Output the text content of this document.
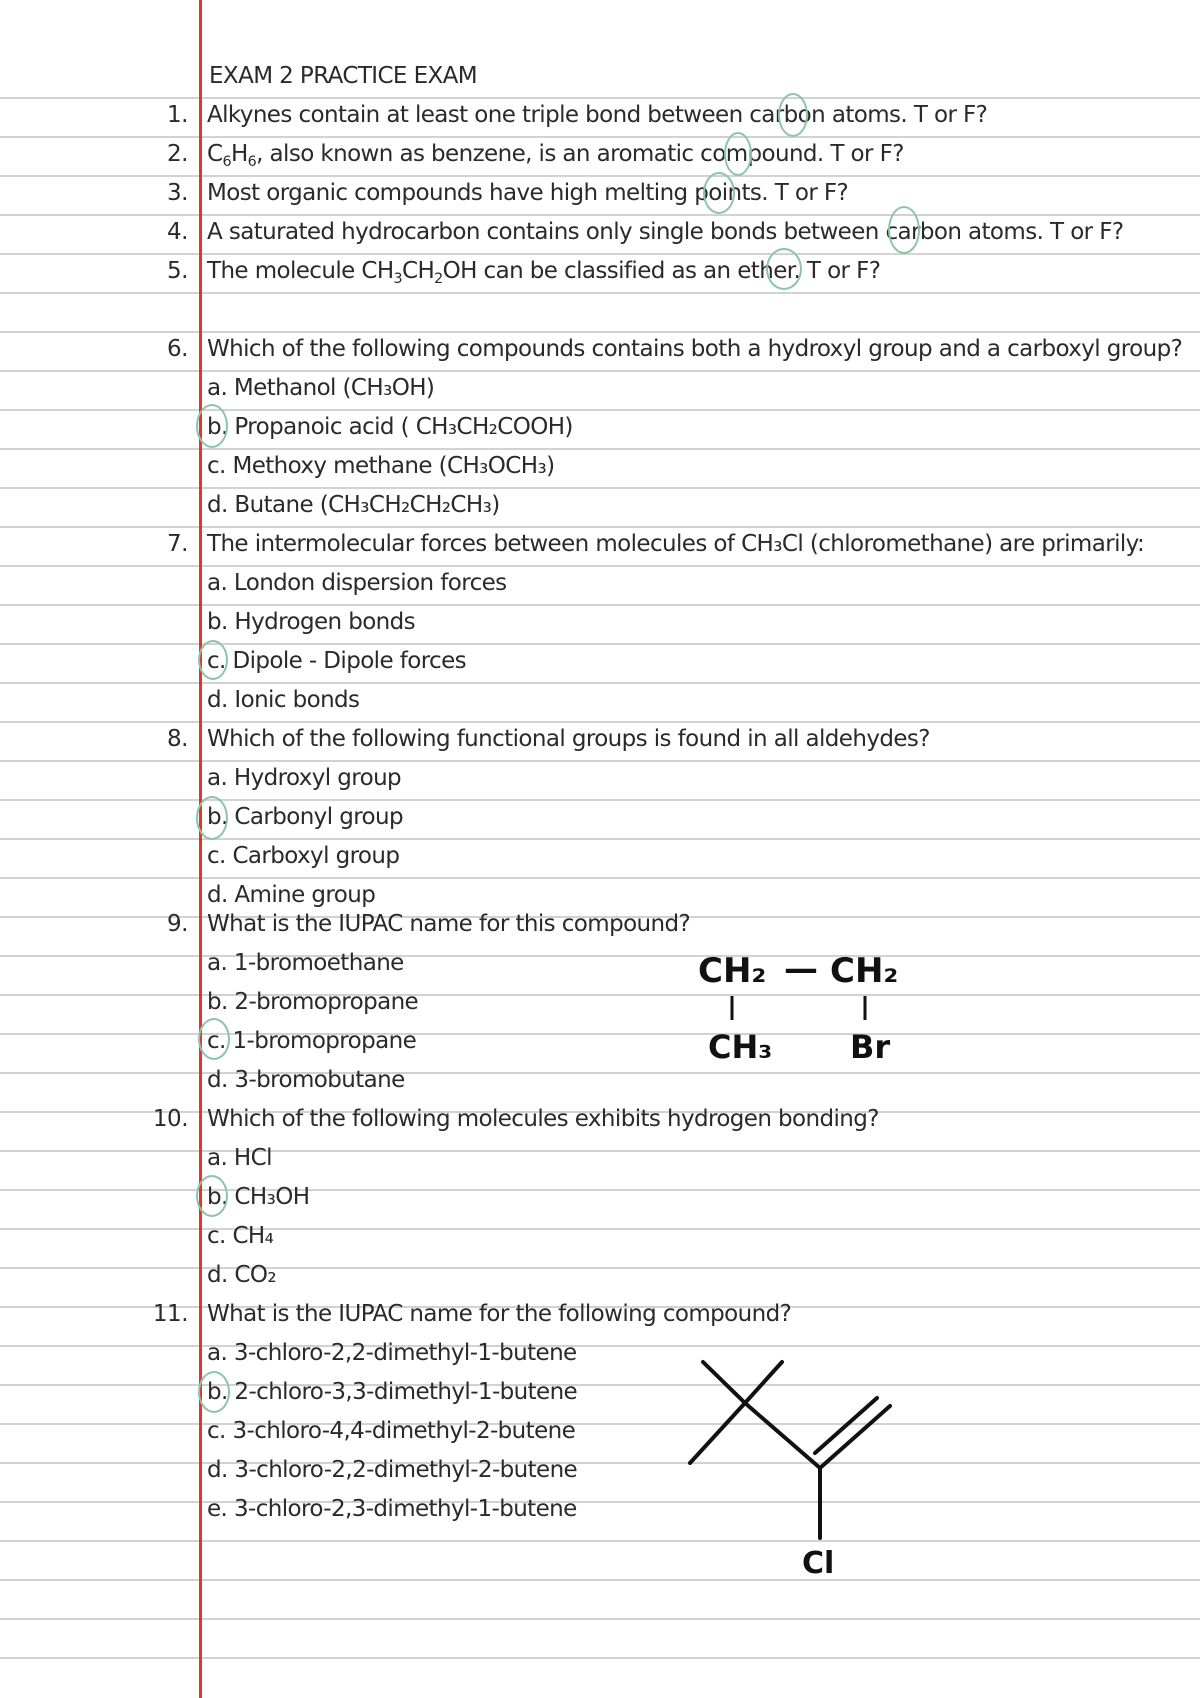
EXAM 2 PRACTICE EXAM
1. Alkynes contain at least one triple bond between carbon atoms. T or F?
2. $C_6H_6$, also known as benzene, is an aromatic compound. T or F?
3. Most organic compounds have high melting points. T or F?
4. A saturated hydrocarbon contains only single bonds between carbon atoms. T or F?
5. The molecule $CH_3CH_2OH$ can be classified as an ether. T or F?
6. Which of the following compounds contains both a hydroxyl group and a carboxyl group?
a. Methanol (CH₃OH)
b. Propanoic acid ( CH₃CH₂COOH)
c. Methoxy methane (CH₃OCH₃)
d. Butane (CH₃CH₂CH₂CH₃)
7. The intermolecular forces between molecules of CH₃Cl (chloromethane) are primarily:
a. London dispersion forces
b. Hydrogen bonds
c. Dipole - Dipole forces
d. Ionic bonds
8. Which of the following functional groups is found in all aldehydes?
a. Hydroxyl group
b. Carbonyl group
c. Carboxyl group
d. Amine group
9. What is the IUPAC name for this compound?
a. 1-bromoethane
b. 2-bromopropane
c. 1-bromopropane
d. 3-bromobutane
CH₂ — CH₂
CH₃ Br
10. Which of the following molecules exhibits hydrogen bonding?
a. HCl
b. CH₃OH
c. CH₄
d. CO₂
11. What is the IUPAC name for the following compound?
a. 3-chloro-2,2-dimethyl-1-butene
b. 2-chloro-3,3-dimethyl-1-butene
c. 3-chloro-4,4-dimethyl-2-butene
d. 3-chloro-2,2-dimethyl-2-butene
e. 3-chloro-2,3-dimethyl-1-butene
Cl
